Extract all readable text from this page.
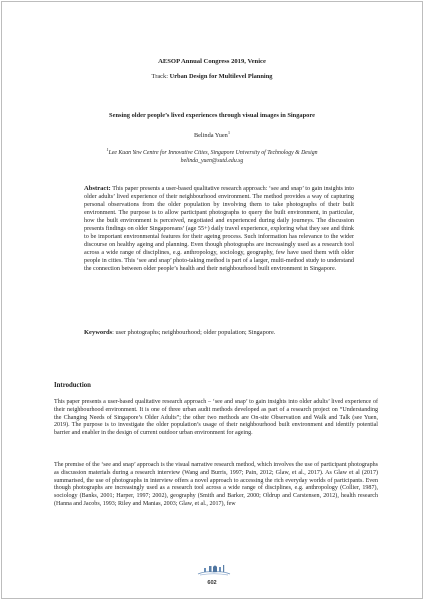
AESOP Annual Congress 2019, Venice
Track: Urban Design for Multilevel Planning
Sensing older people’s lived experiences through visual images in Singapore
Belinda Yuen$^1$
$^1$Lee Kuan Yew Centre for Innovative Cities, Singapore University of Technology & Design
belinda_yuen@sutd.edu.sg
Abstract: This paper presents a user-based qualitative research approach: ‘see and snap’ to gain insights into older adults’ lived experience of their neighbourhood environment. The method provides a way of capturing personal observations from the older population by involving them to take photographs of their built environment. The purpose is to allow participant photographs to query the built environment, in particular, how the built environment is perceived, negotiated and experienced during daily journeys. The discussion presents findings on older Singaporeans’ (age 55+) daily travel experience, exploring what they see and think to be important environmental features for their ageing process. Such information has relevance to the wider discourse on healthy ageing and planning. Even though photographs are increasingly used as a research tool across a wide range of disciplines, e.g. anthropology, sociology, geography, few have used them with older people in cities. This ‘see and snap’ photo-taking method is part of a larger, multi-method study to understand the connection between older people’s health and their neighbourhood built environment in Singapore.
Keywords: user photographs; neighbourhood; older population; Singapore.
Introduction
This paper presents a user-based qualitative research approach – ‘see and snap’ to gain insights into older adults’ lived experience of their neighbourhood environment. It is one of three urban audit methods developed as part of a research project on “Understanding the Changing Needs of Singapore’s Older Adults”; the other two methods are On-site Observation and Walk and Talk (see Yuen, 2019). The purpose is to investigate the older population’s usage of their neighbourhood built environment and identify potential barrier and enabler in the design of current outdoor urban environment for ageing.
The premise of the ‘see and snap’ approach is the visual narrative research method, which involves the use of participant photographs as discussion materials during a research interview (Wang and Burris, 1997; Pain, 2012; Glaw, et al., 2017). As Glaw et al (2017) summarised, the use of photographs in interview offers a novel approach to accessing the rich everyday worlds of participants. Even though photographs are increasingly used as a research tool across a wide range of disciplines, e.g. anthropology (Collier, 1987), sociology (Banks, 2001; Harper, 1997; 2002), geography (Smith and Barker, 2000; Oldrup and Carstensen, 2012), health research (Hanna and Jacobs, 1993; Riley and Manias, 2003; Glaw, et al., 2017), few
602
